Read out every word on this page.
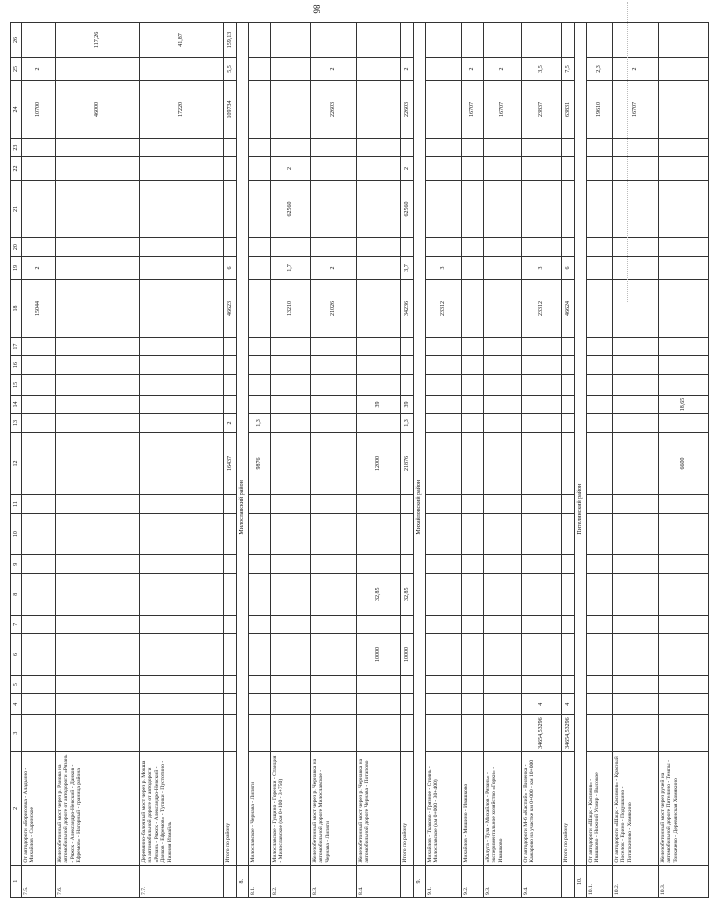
86
1	2	3	4	5	6	7	8	9	10	11	12	13	14	15	16	17	18	19	20	21	22	23	24	25	26
7.5.	От автодороги «Борисовка - Аладьино - Михайлов - Сыринское																15044	2					10700	2	
7.6.	Железобетонный мост через р. Рановa на автомобильной дороге от автодороги «Рязань - Ряжск - Александро-Невский - Данков - Ефремов» - Нагорный - граница района																						46000		117,26
7.7.	Деревянно-балочный мост через р. Мокша на автомобильной дороге от автодороги «Рязань - Ряжск - Александро-Невский - Данков - Ефремов» - Тупики - Пустотино - Нижняя Измайль																						17220		41,87
	Итого по району										16437	2					46623	6					109734	5,5	159,13
8.	Милославский район																								
8.1.	Милославское - Чернава - Липяги										9876	1,3													
8.2.	Милославское - Гущино - Горенки - Станция - Милославское (км 0+100 - 3+750)																13210	1,7		62560	2				
8.3.	Железобетонный мост через р. Чернавка на автомобильной дороге Милославское - Чернава - Липяги																21026	2					22603	2	
8.4.	Железобетонный мост через р. Чернавка на автомобильной дороге Чернава - Потапово				10000		32,85				12000		39												
	Итого по району				10000		32,85				21876	1,3	39				34236	3,7		62560	2		22603	2	
9.	Михайловский район																								
9.1.	Михайлов - Ткаково - Грязное - Стоянь - Милославское (км 0+000 - 30+400)																23312	3							
9.2.	Михайлов - Мишино - Ивашково																						16707	2	
9.3.	«Калуга - Тула - Михайлов - Рязань» - экспериментальное хозяйство «Горки» - Ивашково																						16707	2	
9.4.	От автодороги М-6 «Каспий» - Виленка - Кажарово на участке км 0+000 - км 10+000	34654,53296	4														23312	3					23837	3,5	
	Итого по району	34654,53296	4														46624	6					63831	7,5	
10.	Пителинский район																								
10.1.	От автодороги «Шацк - Касимов» - Ивашково - Нижний Усмир - Высокое																						19610	2,3	
10.2.	От автодороги «Шацк - Касимов» - Красный Поселок - Ерино - Подушкино - Потапкиново - Хомякино																						16707	2	
10.3.	Железобетонный мост через ручей на автомобильной дороге Пителино - Темпы - Тонкачево - Деревянская Хомякино										6600		18,65												
